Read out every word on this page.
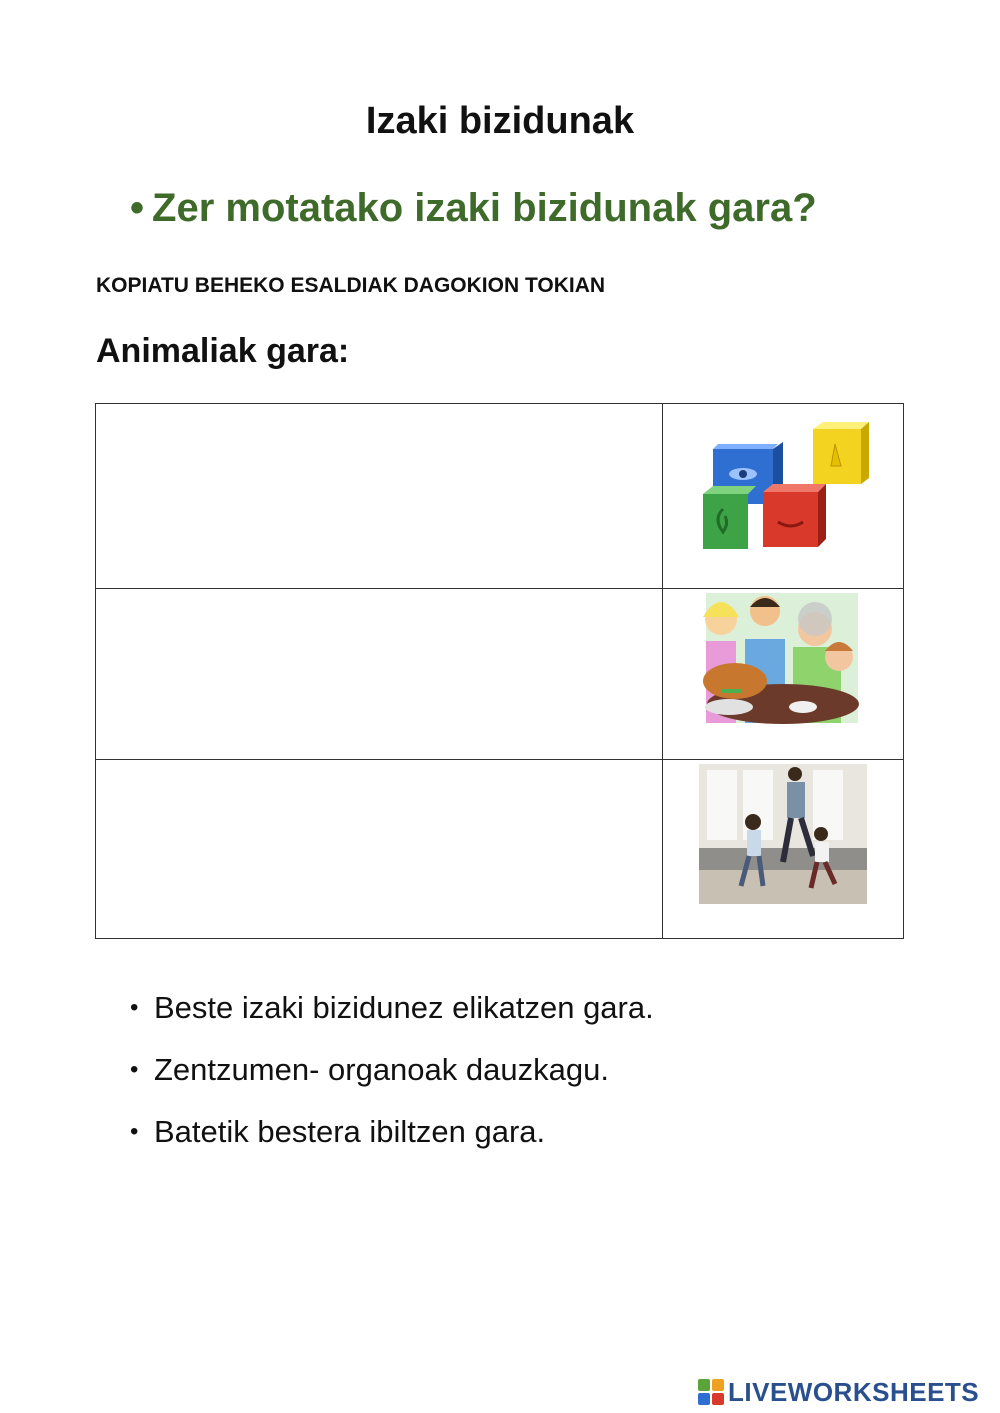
Izaki bizidunak
• Zer motatako izaki bizidunak gara?
KOPIATU BEHEKO ESALDIAK DAGOKION TOKIAN
Animaliak gara:
• Beste izaki bizidunez elikatzen gara.
• Zentzumen- organoak dauzkagu.
• Batetik bestera ibiltzen gara.
LIVEWORKSHEETS
